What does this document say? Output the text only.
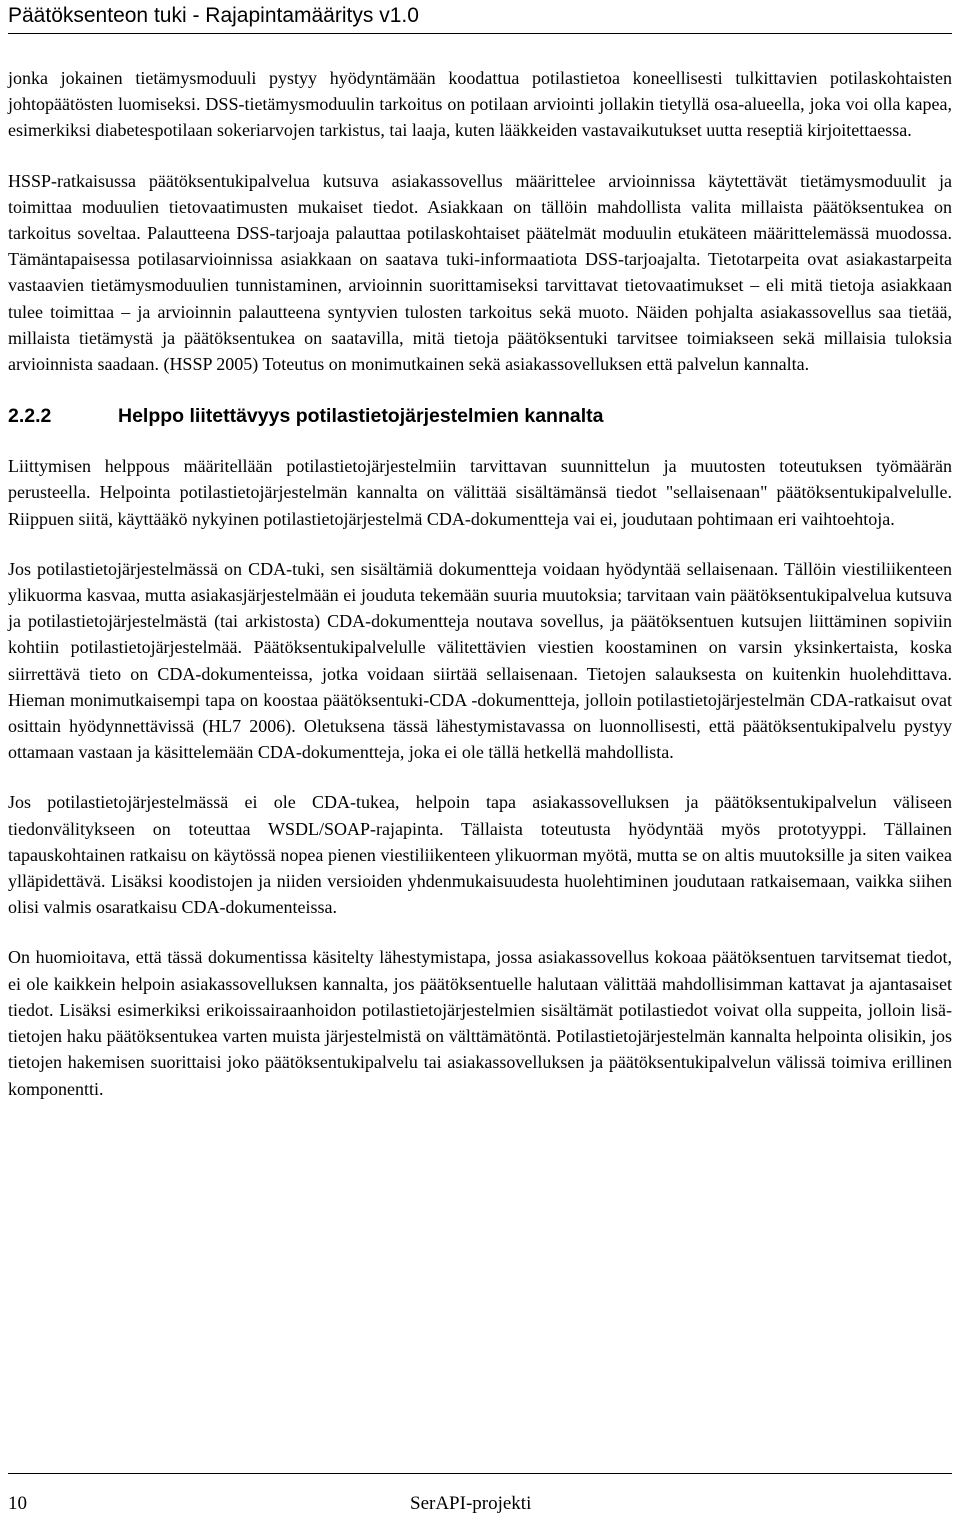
Päätöksenteon tuki - Rajapintamääritys v1.0

jonka jokainen tietämysmoduuli pystyy hyödyntämään koodattua potilastietoa koneellisesti tulkittavien potilaskohtaisten johtopäätösten luomiseksi. DSS-tietämysmoduulin tarkoitus on potilaan arviointi jollakin tietyllä osa-alueella, joka voi olla kapea, esimerkiksi diabetespotilaan sokeriarvojen tarkistus, tai laaja, kuten lääkkeiden vastavaikutukset uutta reseptiä kirjoitettaessa.

HSSP-ratkaisussa päätöksentukipalvelua kutsuva asiakassovellus määrittelee arvioinnissa käytettävät tietämysmoduulit ja toimittaa moduulien tietovaatimusten mukaiset tiedot. Asiakkaan on tällöin mahdollista valita millaista päätöksentukea on tarkoitus soveltaa. Palautteena DSS-tarjoaja palauttaa potilaskohtaiset päätelmät moduulin etukäteen määrittelemässä muodossa. Tämäntapaisessa potilasarvioinnissa asiakkaan on saatava tuki-informaatiota DSS-tarjoajalta. Tietotarpeita ovat asiakastarpeita vastaavien tietämysmoduulien tunnistaminen, arvioinnin suorittamiseksi tarvittavat tietovaatimukset – eli mitä tietoja asiakkaan tulee toimittaa – ja arvioinnin palautteena syntyvien tulosten tarkoitus sekä muoto. Näiden pohjalta asiakassovellus saa tietää, millaista tietämystä ja päätöksentukea on saatavilla, mitä tietoja päätöksentuki tarvitsee toimiakseen sekä millaisia tuloksia arvioinnista saadaan. (HSSP 2005) Toteutus on monimutkainen sekä asiakassovelluksen että palvelun kannalta.

2.2.2	Helppo liitettävyys potilastietojärjestelmien kannalta

Liittymisen helppous määritellään potilastietojärjestelmiin tarvittavan suunnittelun ja muutosten toteutuksen työmäärän perusteella. Helpointa potilastietojärjestelmän kannalta on välittää sisältämänsä tiedot "sellaisenaan" päätöksentukipalvelulle. Riippuen siitä, käyttääkö nykyinen potilastietojärjestelmä CDA-dokumentteja vai ei, joudutaan pohtimaan eri vaihtoehtoja.

Jos potilastietojärjestelmässä on CDA-tuki, sen sisältämiä dokumentteja voidaan hyödyntää sellaisenaan. Tällöin viestiliikenteen ylikuorma kasvaa, mutta asiakasjärjestelmään ei jouduta tekemään suuria muutoksia; tarvitaan vain päätöksentukipalvelua kutsuva ja potilastietojärjestelmästä (tai arkistosta) CDA-dokumentteja noutava sovellus, ja päätöksentuen kutsujen liittäminen sopiviin kohtiin potilastietojärjestelmää. Päätöksentukipalvelulle välitettävien viestien koostaminen on varsin yksinkertaista, koska siirrettävä tieto on CDA-dokumenteissa, jotka voidaan siirtää sellaisenaan. Tietojen salauksesta on kuitenkin huolehdittava. Hieman monimutkaisempi tapa on koostaa päätöksentuki-CDA -dokumentteja, jolloin potilastietojärjestelmän CDA-ratkaisut ovat osittain hyödynnettävissä (HL7 2006). Oletuksena tässä lähestymistavassa on luonnollisesti, että päätöksentukipalvelu pystyy ottamaan vastaan ja käsittelemään CDA-dokumentteja, joka ei ole tällä hetkellä mahdollista.

Jos potilastietojärjestelmässä ei ole CDA-tukea, helpoin tapa asiakassovelluksen ja päätöksentukipalvelun väliseen tiedonvälitykseen on toteuttaa WSDL/SOAP-rajapinta. Tällaista toteutusta hyödyntää myös prototyyppi. Tällainen tapauskohtainen ratkaisu on käytössä nopea pienen viestiliikenteen ylikuorman myötä, mutta se on altis muutoksille ja siten vaikea ylläpidettävä. Lisäksi koodistojen ja niiden versioiden yhdenmukaisuudesta huolehtiminen joudutaan ratkaisemaan, vaikka siihen olisi valmis osaratkaisu CDA-dokumenteissa.

On huomioitava, että tässä dokumentissa käsitelty lähestymistapa, jossa asiakassovellus kokoaa päätöksentuen tarvitsemat tiedot, ei ole kaikkein helpoin asiakassovelluksen kannalta, jos päätöksentuelle halutaan välittää mahdollisimman kattavat ja ajantasaiset tiedot. Lisäksi esimerkiksi erikoissairaanhoidon potilastietojärjestelmien sisältämät potilastiedot voivat olla suppeita, jolloin lisätietojen haku päätöksentukea varten muista järjestelmistä on välttämätöntä. Potilastietojärjestelmän kannalta helpointa olisikin, jos tietojen hakemisen suorittaisi joko päätöksentukipalvelu tai asiakassovelluksen ja päätöksentukipalvelun välissä toimiva erillinen komponentti.

10	SerAPI-projekti
